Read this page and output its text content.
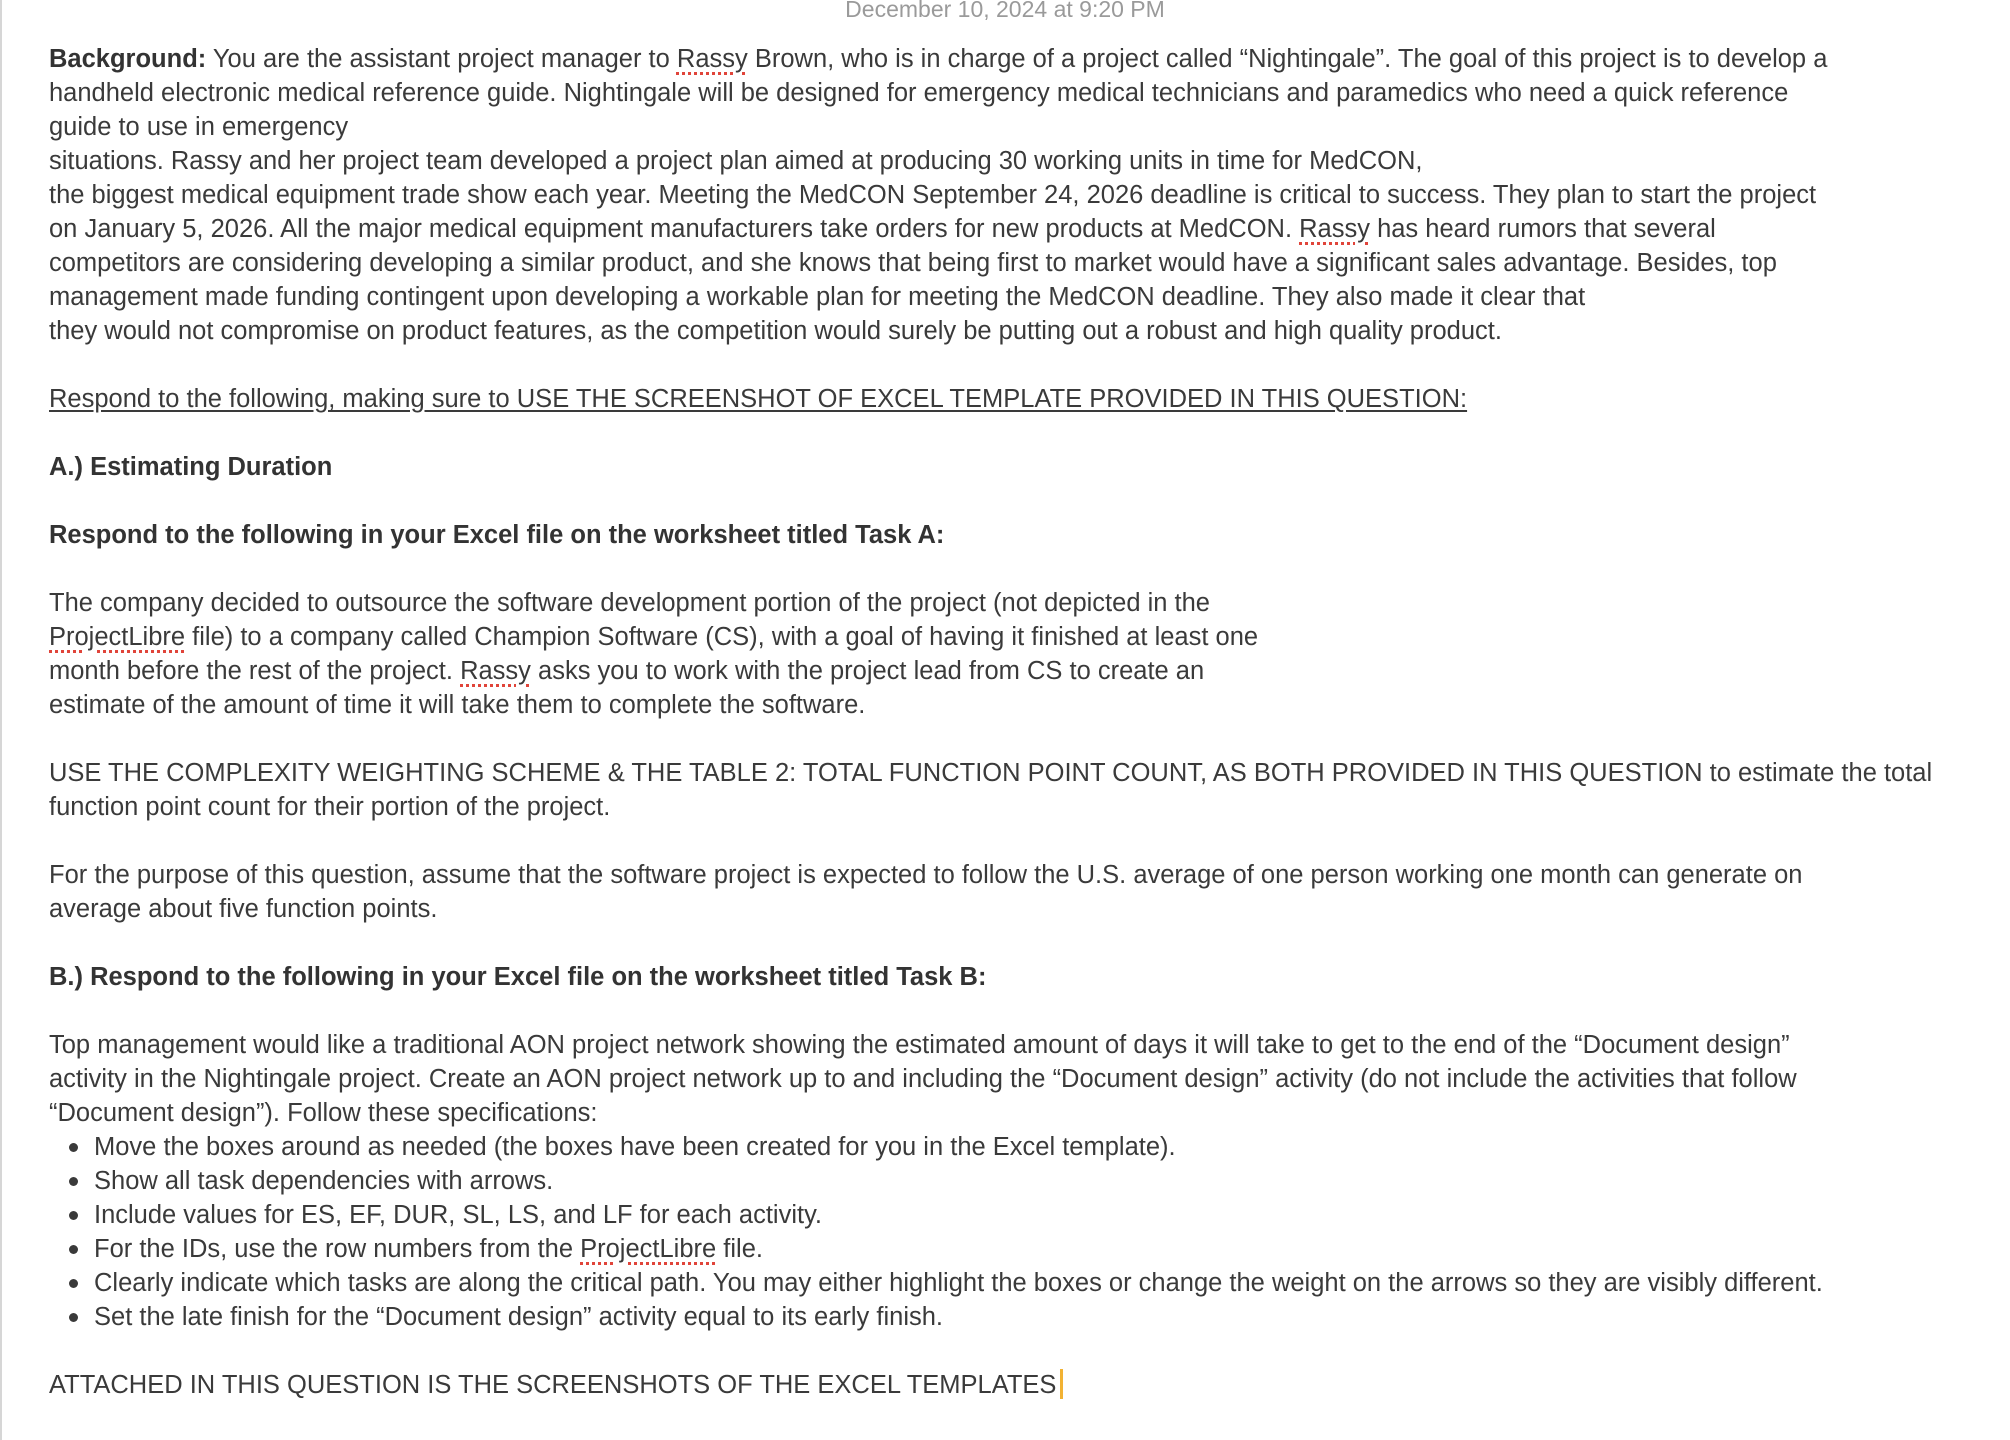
December 10, 2024 at 9:20 PM
Background: You are the assistant project manager to Rassy Brown, who is in charge of a project called “Nightingale”. The goal of this project is to develop a
handheld electronic medical reference guide. Nightingale will be designed for emergency medical technicians and paramedics who need a quick reference
guide to use in emergency
situations. Rassy and her project team developed a project plan aimed at producing 30 working units in time for MedCON,
the biggest medical equipment trade show each year. Meeting the MedCON September 24, 2026 deadline is critical to success. They plan to start the project
on January 5, 2026. All the major medical equipment manufacturers take orders for new products at MedCON. Rassy has heard rumors that several
competitors are considering developing a similar product, and she knows that being first to market would have a significant sales advantage. Besides, top
management made funding contingent upon developing a workable plan for meeting the MedCON deadline. They also made it clear that
they would not compromise on product features, as the competition would surely be putting out a robust and high quality product.
Respond to the following, making sure to USE THE SCREENSHOT OF EXCEL TEMPLATE PROVIDED IN THIS QUESTION:
A.) Estimating Duration
Respond to the following in your Excel file on the worksheet titled Task A:
The company decided to outsource the software development portion of the project (not depicted in the
ProjectLibre file) to a company called Champion Software (CS), with a goal of having it finished at least one
month before the rest of the project. Rassy asks you to work with the project lead from CS to create an
estimate of the amount of time it will take them to complete the software.
USE THE COMPLEXITY WEIGHTING SCHEME & THE TABLE 2: TOTAL FUNCTION POINT COUNT, AS BOTH PROVIDED IN THIS QUESTION to estimate the total
function point count for their portion of the project.
For the purpose of this question, assume that the software project is expected to follow the U.S. average of one person working one month can generate on
average about five function points.
B.) Respond to the following in your Excel file on the worksheet titled Task B:
Top management would like a traditional AON project network showing the estimated amount of days it will take to get to the end of the “Document design”
activity in the Nightingale project. Create an AON project network up to and including the “Document design” activity (do not include the activities that follow
“Document design”). Follow these specifications:
Move the boxes around as needed (the boxes have been created for you in the Excel template).
Show all task dependencies with arrows.
Include values for ES, EF, DUR, SL, LS, and LF for each activity.
For the IDs, use the row numbers from the ProjectLibre file.
Clearly indicate which tasks are along the critical path. You may either highlight the boxes or change the weight on the arrows so they are visibly different.
Set the late finish for the “Document design” activity equal to its early finish.
ATTACHED IN THIS QUESTION IS THE SCREENSHOTS OF THE EXCEL TEMPLATES
